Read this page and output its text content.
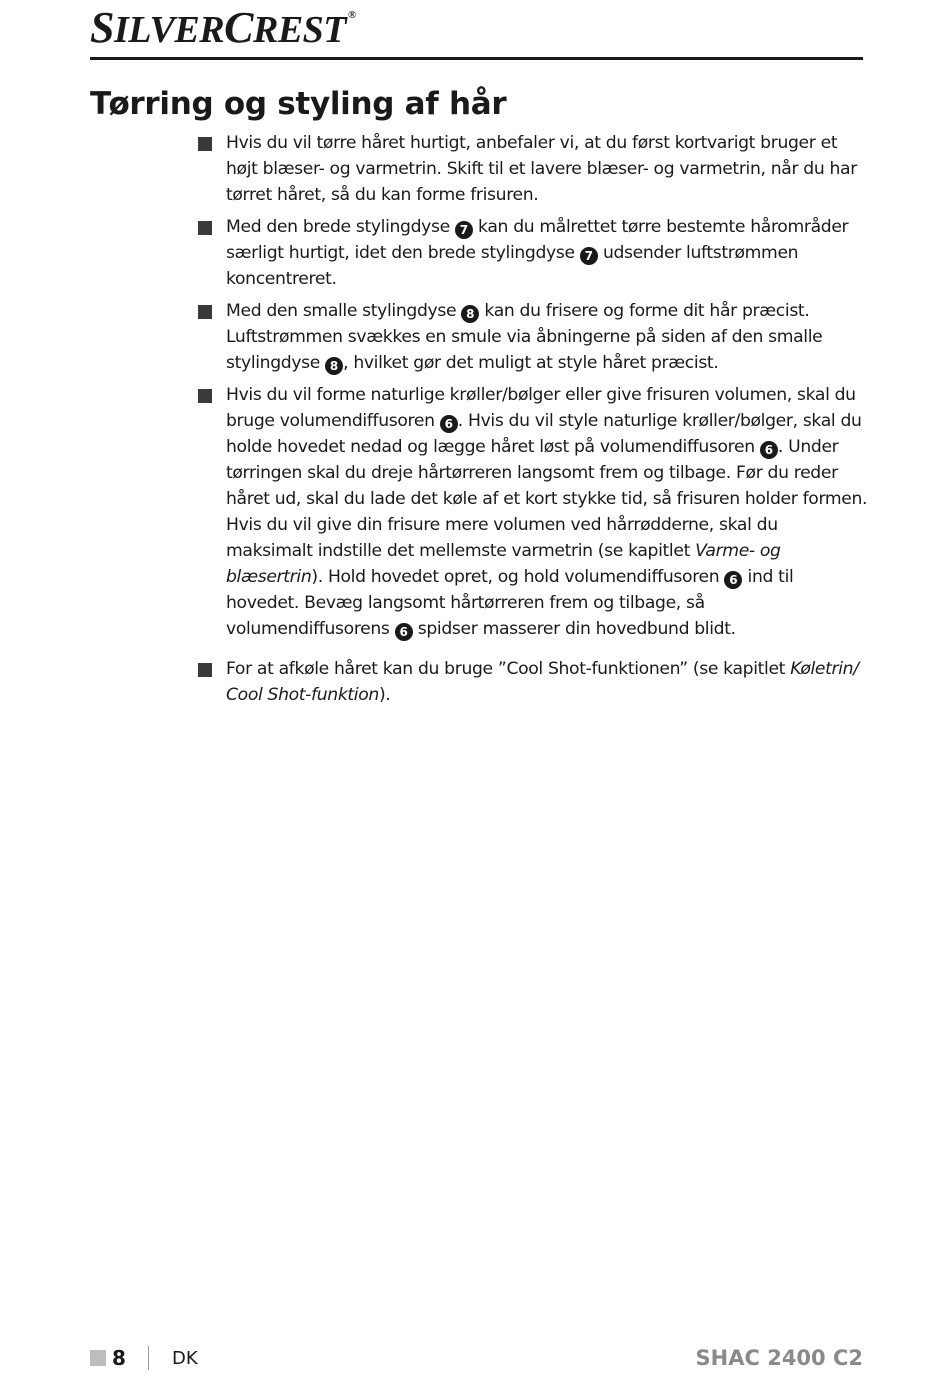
SILVERCREST ®
Tørring og styling af hår
Hvis du vil tørre håret hurtigt, anbefaler vi, at du først kortvarigt bruger et højt blæser- og varmetrin. Skift til et lavere blæser- og varmetrin, når du har tørret håret, så du kan forme frisuren.
Med den brede stylingdyse 7 kan du målrettet tørre bestemte hårområder særligt hurtigt, idet den brede stylingdyse 7 udsender luftstrømmen koncentreret.
Med den smalle stylingdyse 8 kan du frisere og forme dit hår præcist. Luftstrømmen svækkes en smule via åbningerne på siden af den smalle stylingdyse 8 , hvilket gør det muligt at style håret præcist.
Hvis du vil forme naturlige krøller/bølger eller give frisuren volumen, skal du bruge volumendiffusoren 6 . Hvis du vil style naturlige krøller/bølger, skal du holde hovedet nedad og lægge håret løst på volumendiffusoren 6 . Under tørringen skal du dreje hårtørreren langsomt frem og tilbage. Før du reder håret ud, skal du lade det køle af et kort stykke tid, så frisuren holder formen. Hvis du vil give din frisure mere volumen ved hårrødderne, skal du maksimalt indstille det mellemste varmetrin (se kapitlet Varme- og blæsertrin). Hold hovedet opret, og hold volumendiffusoren 6 ind til hovedet. Bevæg langsomt hårtørreren frem og tilbage, så volumendiffusorens 6 spidser masserer din hovedbund blidt.
For at afkøle håret kan du bruge ”Cool Shot-funktionen” (se kapitlet Køletrin/ Cool Shot-funktion).
8	DK	SHAC 2400 C2
